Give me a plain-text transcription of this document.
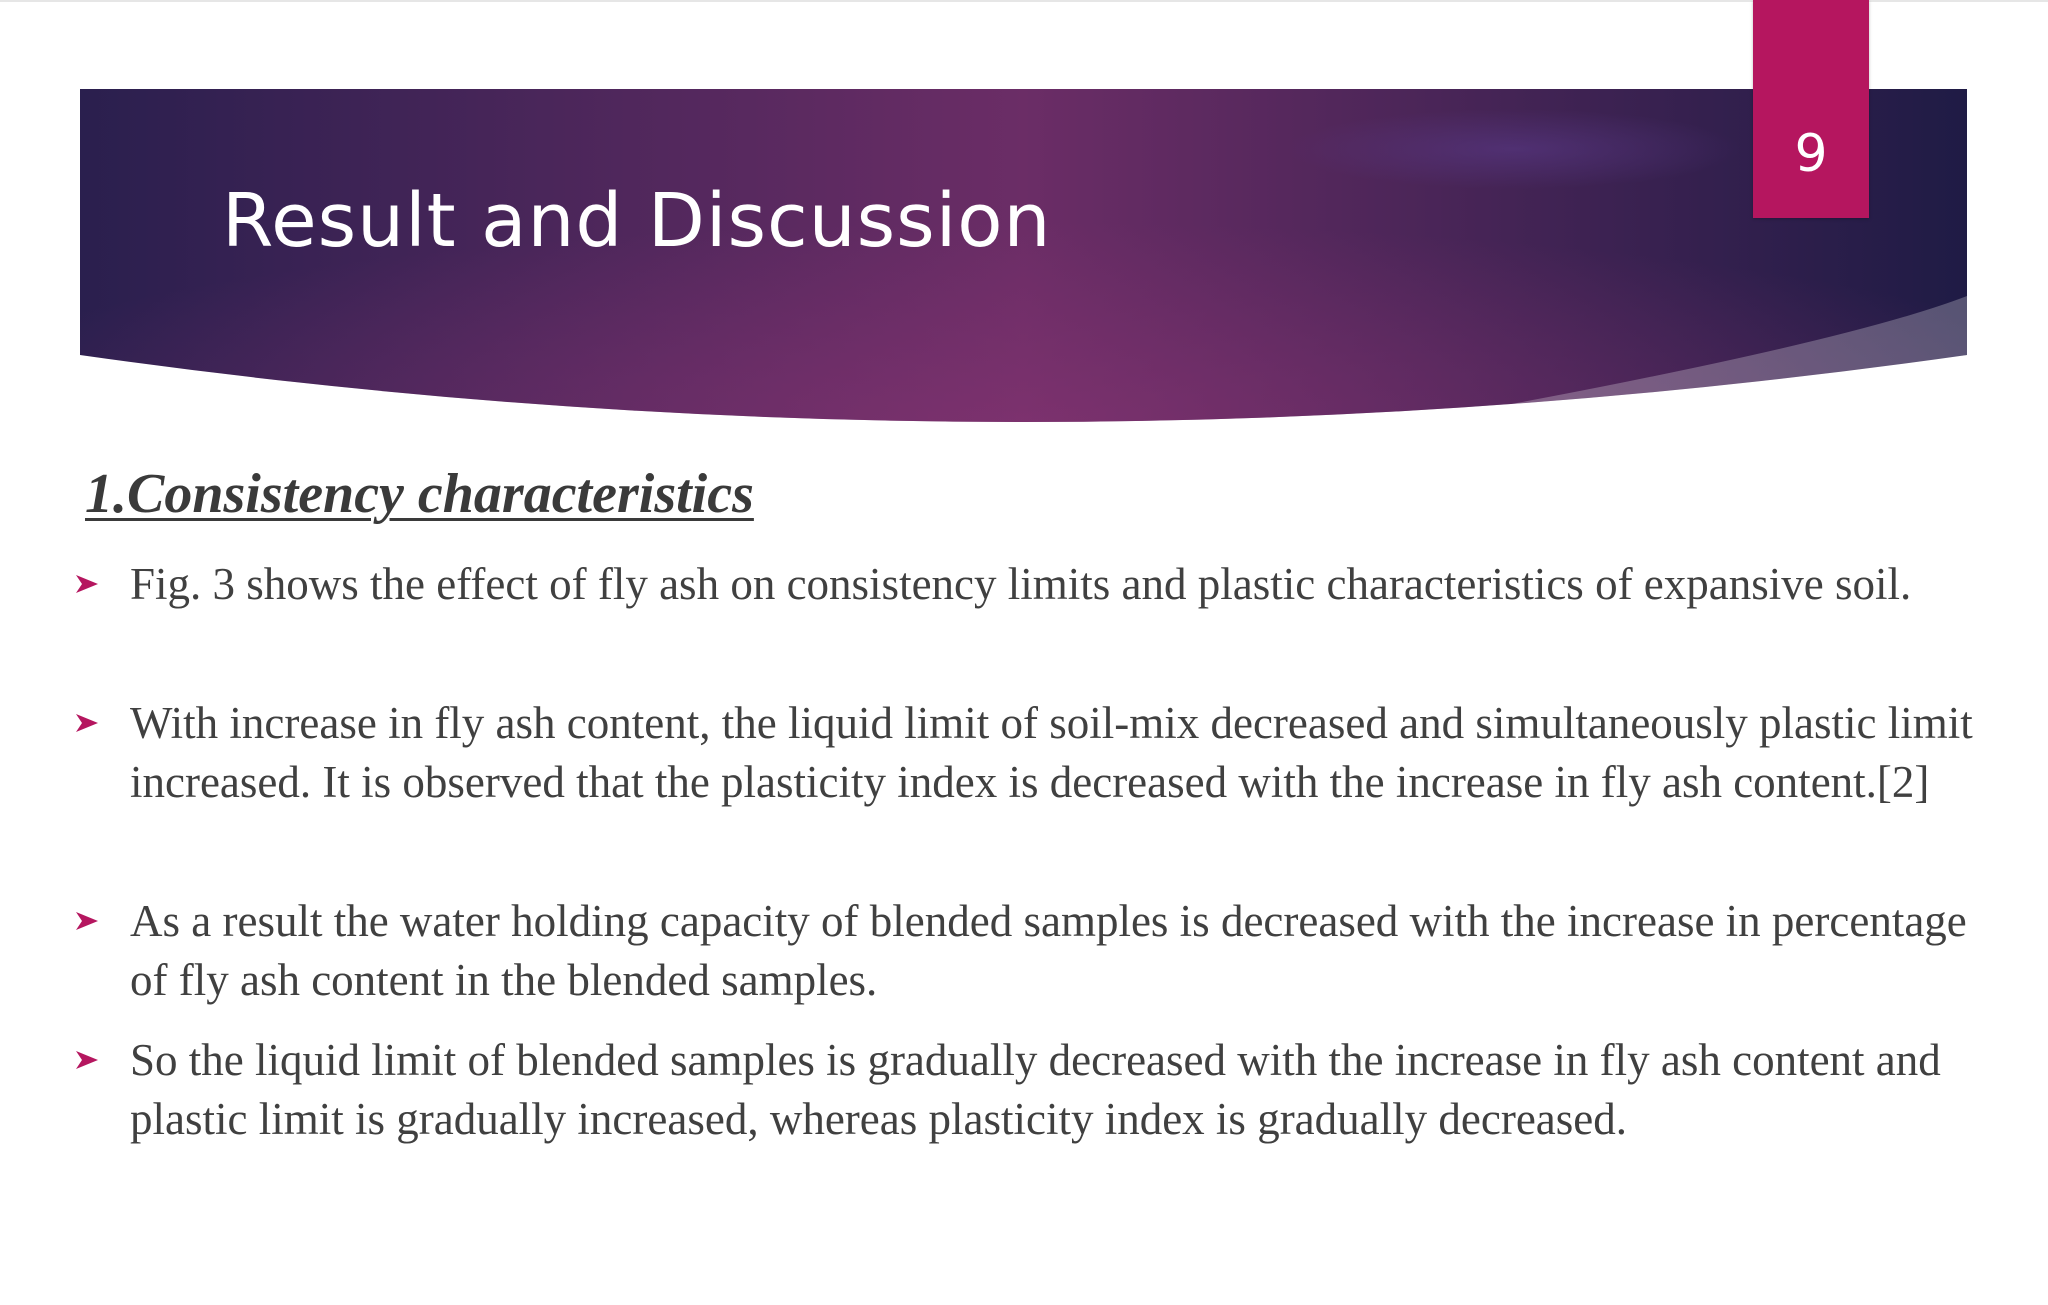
Result and Discussion
9
1.Consistency characteristics

Fig. 3 shows the effect of fly ash on consistency limits and plastic characteristics of expansive soil.

With increase in fly ash content, the liquid limit of soil-mix decreased and simultaneously plastic limit increased. It is observed that the plasticity index is decreased with the increase in fly ash content.[2]

As a result the water holding capacity of blended samples is decreased with the increase in percentage of fly ash content in the blended samples.

So the liquid limit of blended samples is gradually decreased with the increase in fly ash content and plastic limit is gradually increased, whereas plasticity index is gradually decreased.
